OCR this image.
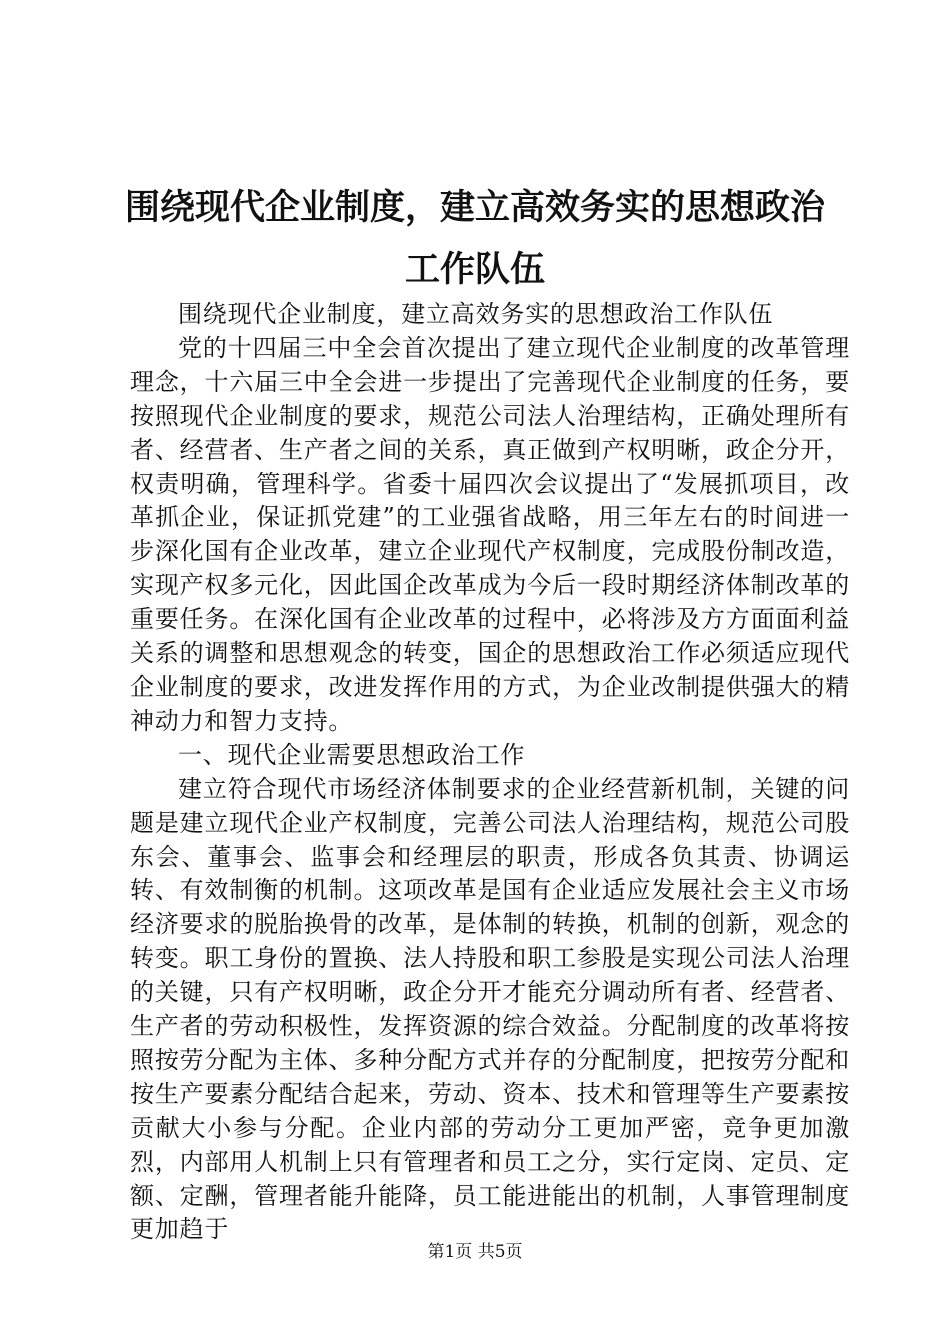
围绕现代企业制度，建立高效务实的思想政治
工作队伍

围绕现代企业制度，建立高效务实的思想政治工作队伍

党的十四届三中全会首次提出了建立现代企业制度的改革管理理念，十六届三中全会进一步提出了完善现代企业制度的任务，要按照现代企业制度的要求，规范公司法人治理结构，正确处理所有者、经营者、生产者之间的关系，真正做到产权明晰，政企分开，权责明确，管理科学。省委十届四次会议提出了“发展抓项目，改革抓企业，保证抓党建”的工业强省战略，用三年左右的时间进一步深化国有企业改革，建立企业现代产权制度，完成股份制改造，实现产权多元化，因此国企改革成为今后一段时期经济体制改革的重要任务。在深化国有企业改革的过程中，必将涉及方方面面利益关系的调整和思想观念的转变，国企的思想政治工作必须适应现代企业制度的要求，改进发挥作用的方式，为企业改制提供强大的精神动力和智力支持。

一、现代企业需要思想政治工作

建立符合现代市场经济体制要求的企业经营新机制，关键的问题是建立现代企业产权制度，完善公司法人治理结构，规范公司股东会、董事会、监事会和经理层的职责，形成各负其责、协调运转、有效制衡的机制。这项改革是国有企业适应发展社会主义市场经济要求的脱胎换骨的改革，是体制的转换，机制的创新，观念的转变。职工身份的置换、法人持股和职工参股是实现公司法人治理的关键，只有产权明晰，政企分开才能充分调动所有者、经营者、生产者的劳动积极性，发挥资源的综合效益。分配制度的改革将按照按劳分配为主体、多种分配方式并存的分配制度，把按劳分配和按生产要素分配结合起来，劳动、资本、技术和管理等生产要素按贡献大小参与分配。企业内部的劳动分工更加严密，竞争更加激烈，内部用人机制上只有管理者和员工之分，实行定岗、定员、定额、定酬，管理者能升能降，员工能进能出的机制，人事管理制度更加趋于

第1页 共5页
